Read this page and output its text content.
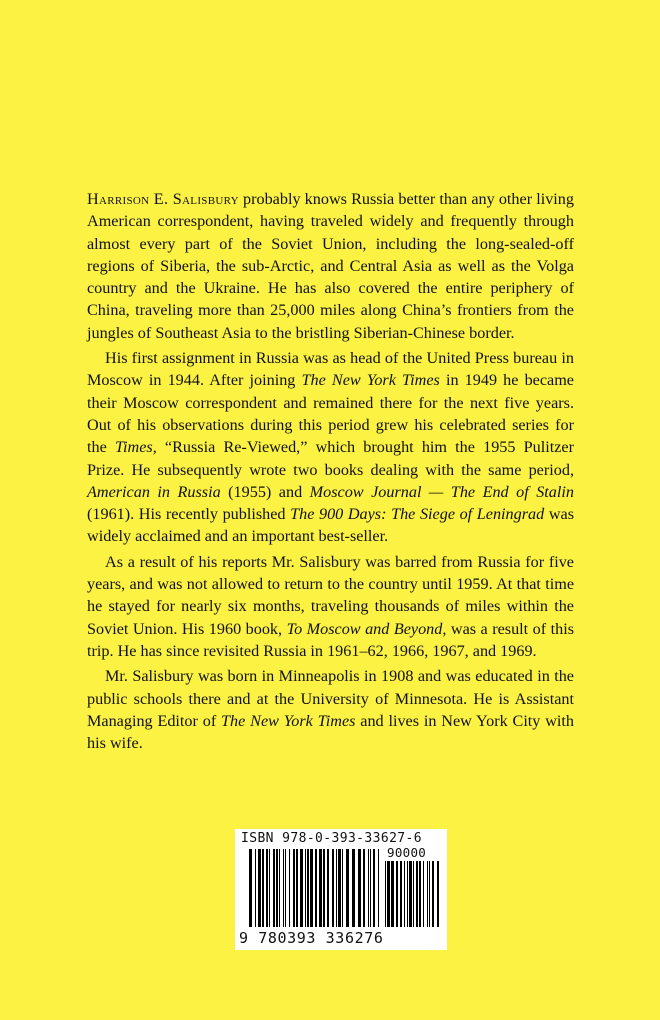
Harrison E. Salisbury probably knows Russia better than any other living American correspondent, having traveled widely and frequently through almost every part of the Soviet Union, including the long-sealed-off regions of Siberia, the sub-Arctic, and Central Asia as well as the Volga country and the Ukraine. He has also covered the entire periphery of China, traveling more than 25,000 miles along China’s frontiers from the jungles of Southeast Asia to the bristling Siberian-Chinese border.

His first assignment in Russia was as head of the United Press bureau in Moscow in 1944. After joining The New York Times in 1949 he became their Moscow correspondent and remained there for the next five years. Out of his observations during this period grew his celebrated series for the Times, “Russia Re-Viewed,” which brought him the 1955 Pulitzer Prize. He subsequently wrote two books dealing with the same period, American in Russia (1955) and Moscow Journal — The End of Stalin (1961). His recently published The 900 Days: The Siege of Leningrad was widely acclaimed and an important best-seller.

As a result of his reports Mr. Salisbury was barred from Russia for five years, and was not allowed to return to the country until 1959. At that time he stayed for nearly six months, traveling thousands of miles within the Soviet Union. His 1960 book, To Moscow and Beyond, was a result of this trip. He has since revisited Russia in 1961–62, 1966, 1967, and 1969.

Mr. Salisbury was born in Minneapolis in 1908 and was educated in the public schools there and at the University of Minnesota. He is Assistant Managing Editor of The New York Times and lives in New York City with his wife.

ISBN 978-0-393-33627-6
90000
9 780393 336276
